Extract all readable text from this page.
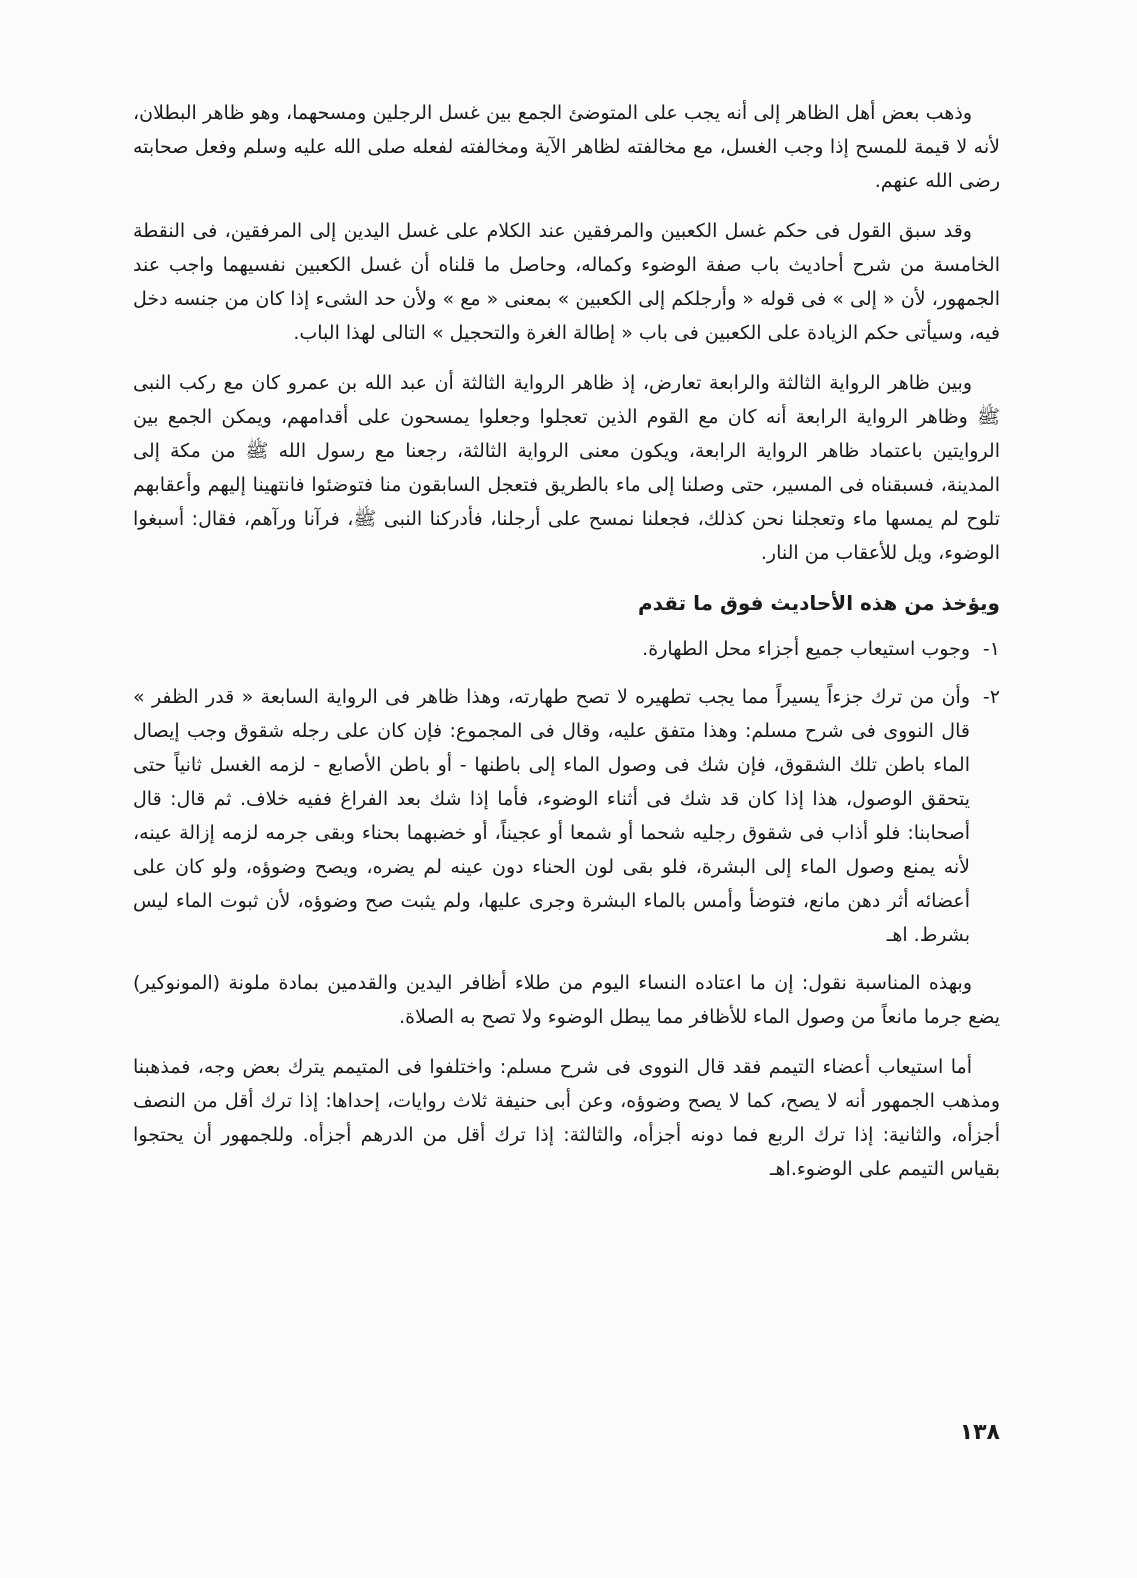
وذهب بعض أهل الظاهر إلى أنه يجب على المتوضئ الجمع بين غسل الرجلين ومسحهما، وهو ظاهر البطلان، لأنه لا قيمة للمسح إذا وجب الغسل، مع مخالفته لظاهر الآية ومخالفته لفعله صلى الله عليه وسلم وفعل صحابته رضى الله عنهم.

وقد سبق القول فى حكم غسل الكعبين والمرفقين عند الكلام على غسل اليدين إلى المرفقين، فى النقطة الخامسة من شرح أحاديث باب صفة الوضوء وكماله، وحاصل ما قلناه أن غسل الكعبين نفسيهما واجب عند الجمهور، لأن « إلى » فى قوله « وأرجلكم إلى الكعبين » بمعنى « مع » ولأن حد الشىء إذا كان من جنسه دخل فيه، وسيأتى حكم الزيادة على الكعبين فى باب « إطالة الغرة والتحجيل » التالى لهذا الباب.

وبين ظاهر الرواية الثالثة والرابعة تعارض، إذ ظاهر الرواية الثالثة أن عبد الله بن عمرو كان مع ركب النبى ﷺ وظاهر الرواية الرابعة أنه كان مع القوم الذين تعجلوا وجعلوا يمسحون على أقدامهم، ويمكن الجمع بين الروايتين باعتماد ظاهر الرواية الرابعة، ويكون معنى الرواية الثالثة، رجعنا مع رسول الله ﷺ من مكة إلى المدينة، فسبقناه فى المسير، حتى وصلنا إلى ماء بالطريق فتعجل السابقون منا فتوضئوا فانتهينا إليهم وأعقابهم تلوح لم يمسها ماء وتعجلنا نحن كذلك، فجعلنا نمسح على أرجلنا، فأدركنا النبى ﷺ، فرآنا ورآهم، فقال: أسبغوا الوضوء، ويل للأعقاب من النار.

ويؤخذ من هذه الأحاديث فوق ما تقدم
١-
وجوب استيعاب جميع أجزاء محل الطهارة.
٢-
وأن من ترك جزءاً يسيراً مما يجب تطهيره لا تصح طهارته، وهذا ظاهر فى الرواية السابعة « قدر الظفر » قال النووى فى شرح مسلم: وهذا متفق عليه، وقال فى المجموع: فإن كان على رجله شقوق وجب إيصال الماء باطن تلك الشقوق، فإن شك فى وصول الماء إلى باطنها - أو باطن الأصابع - لزمه الغسل ثانياً حتى يتحقق الوصول، هذا إذا كان قد شك فى أثناء الوضوء، فأما إذا شك بعد الفراغ ففيه خلاف. ثم قال: قال أصحابنا: فلو أذاب فى شقوق رجليه شحما أو شمعا أو عجيناً، أو خضبهما بحناء وبقى جرمه لزمه إزالة عينه، لأنه يمنع وصول الماء إلى البشرة، فلو بقى لون الحناء دون عينه لم يضره، ويصح وضوؤه، ولو كان على أعضائه أثر دهن مانع، فتوضأ وأمس بالماء البشرة وجرى عليها، ولم يثبت صح وضوؤه، لأن ثبوت الماء ليس بشرط. اهـ

وبهذه المناسبة نقول: إن ما اعتاده النساء اليوم من طلاء أظافر اليدين والقدمين بمادة ملونة (المونوكير) يضع جرما مانعاً من وصول الماء للأظافر مما يبطل الوضوء ولا تصح به الصلاة.

أما استيعاب أعضاء التيمم فقد قال النووى فى شرح مسلم: واختلفوا فى المتيمم يترك بعض وجه، فمذهبنا ومذهب الجمهور أنه لا يصح، كما لا يصح وضوؤه، وعن أبى حنيفة ثلاث روايات، إحداها: إذا ترك أقل من النصف أجزأه، والثانية: إذا ترك الربع فما دونه أجزأه، والثالثة: إذا ترك أقل من الدرهم أجزأه. وللجمهور أن يحتجوا بقياس التيمم على الوضوء.اهـ

١٣٨
